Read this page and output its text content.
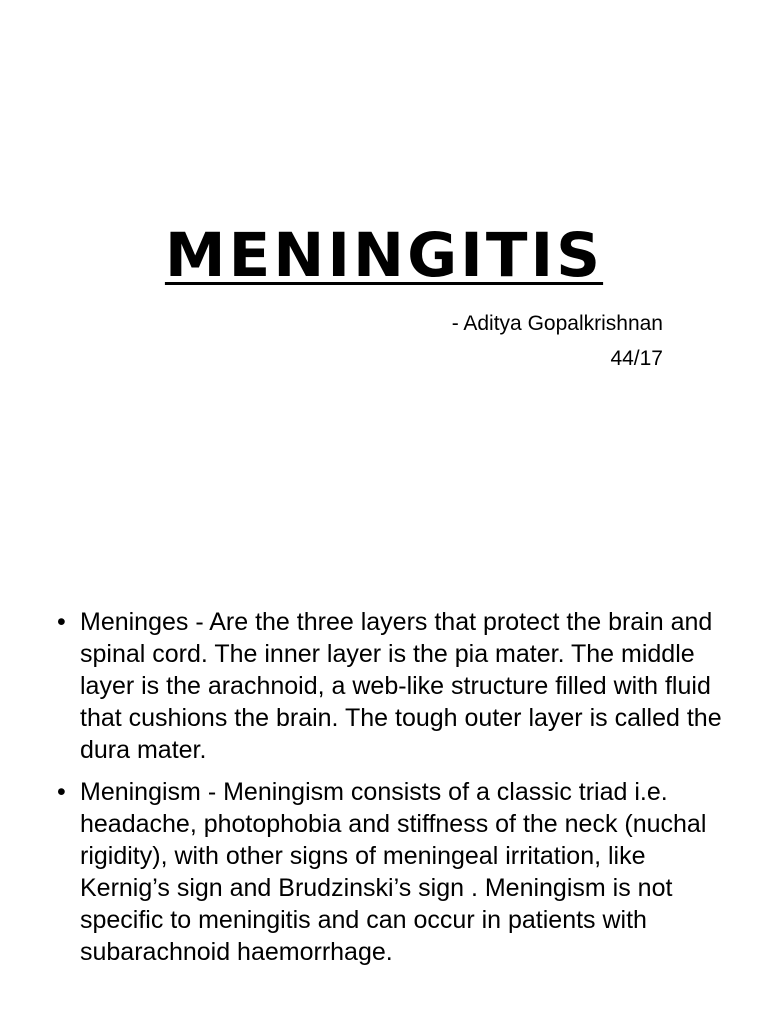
MENINGITIS
- Aditya Gopalkrishnan
44/17
• Meninges - Are the three layers that protect the brain and spinal cord. The inner layer is the pia mater. The middle layer is the arachnoid, a web-like structure filled with fluid that cushions the brain. The tough outer layer is called the dura mater.
• Meningism - Meningism consists of a classic triad i.e. headache, photophobia and stiffness of the neck (nuchal rigidity), with other signs of meningeal irritation, like Kernig’s sign and Brudzinski’s sign . Meningism is not specific to meningitis and can occur in patients with subarachnoid haemorrhage.
